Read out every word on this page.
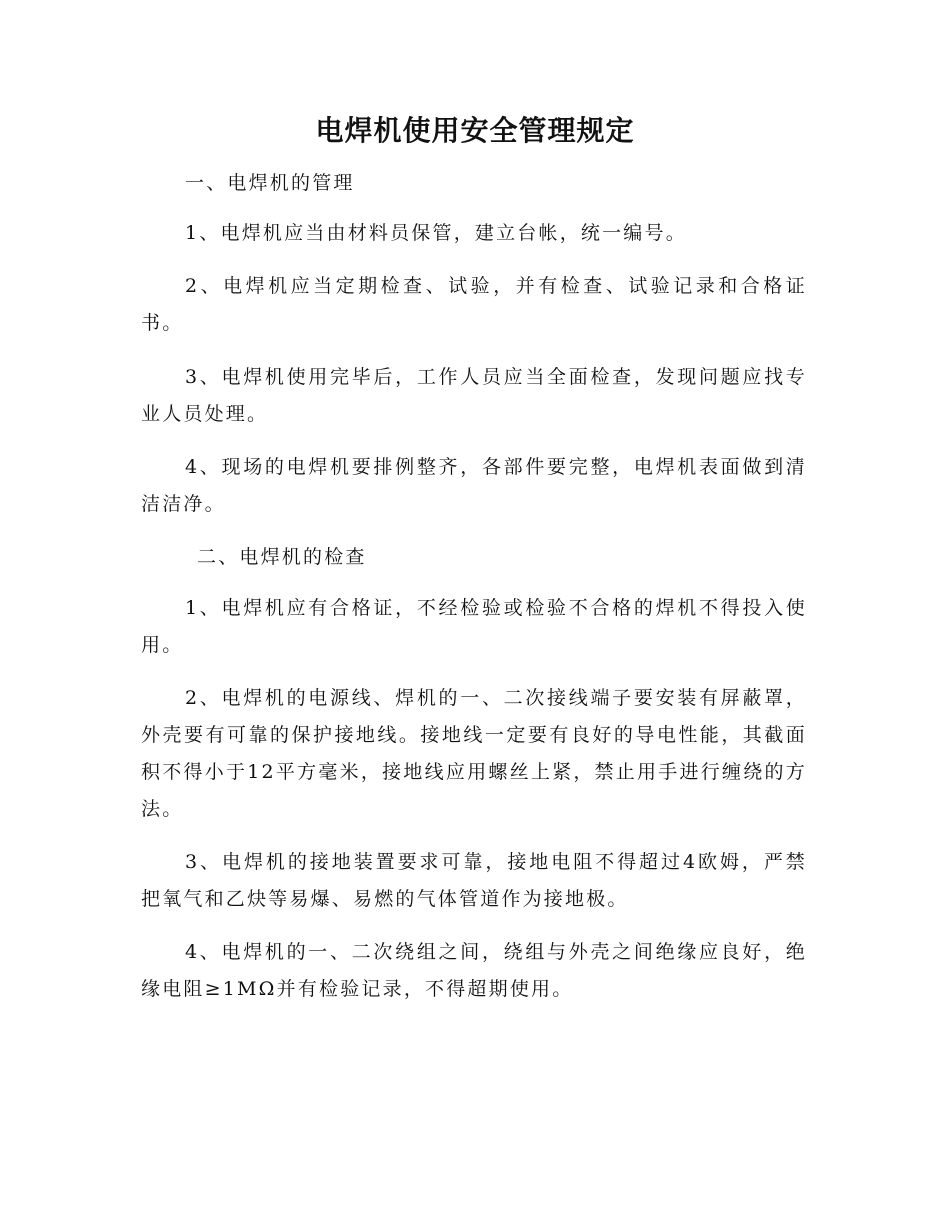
电焊机使用安全管理规定

一、电焊机的管理

1、电焊机应当由材料员保管，建立台帐，统一编号。

2、电焊机应当定期检查、试验，并有检查、试验记录和合格证书。

3、电焊机使用完毕后，工作人员应当全面检查，发现问题应找专业人员处理。

4、现场的电焊机要排例整齐，各部件要完整，电焊机表面做到清洁洁净。

二、电焊机的检查

1、电焊机应有合格证，不经检验或检验不合格的焊机不得投入使用。

2、电焊机的电源线、焊机的一、二次接线端子要安装有屏蔽罩，外壳要有可靠的保护接地线。接地线一定要有良好的导电性能，其截面积不得小于12平方毫米，接地线应用螺丝上紧，禁止用手进行缠绕的方法。

3、电焊机的接地装置要求可靠，接地电阻不得超过4欧姆，严禁把氧气和乙炔等易爆、易燃的气体管道作为接地极。

4、电焊机的一、二次绕组之间，绕组与外壳之间绝缘应良好，绝缘电阻≥1MΩ并有检验记录，不得超期使用。
